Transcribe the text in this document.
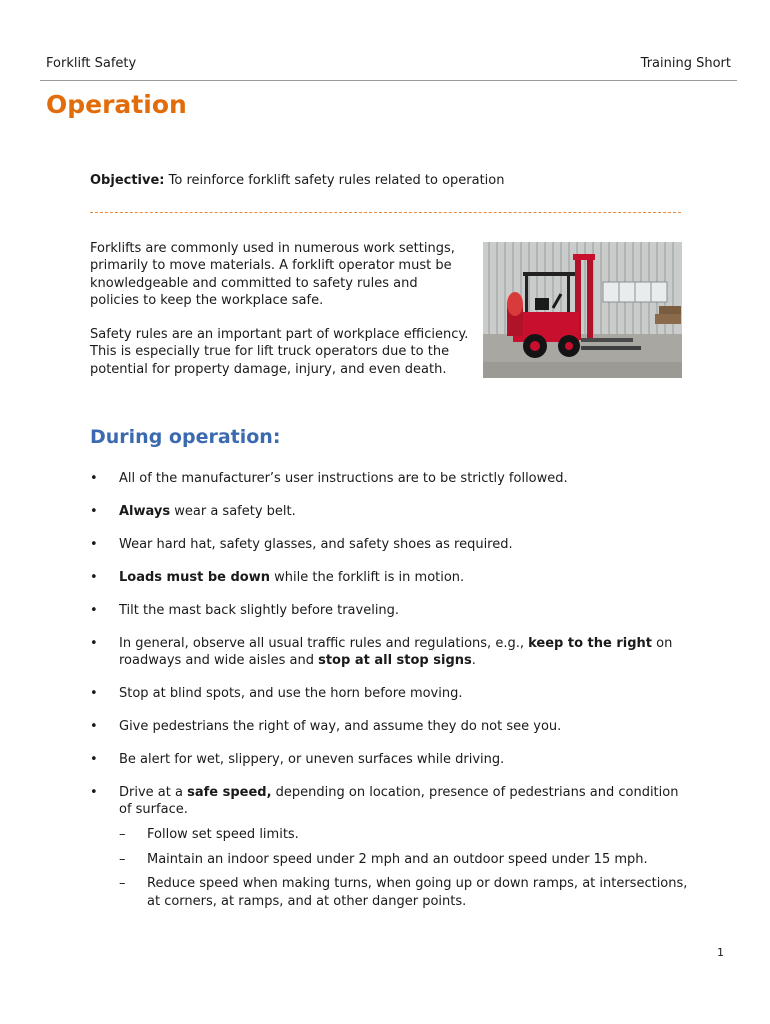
Forklift Safety	Training Short
Operation
Objective: To reinforce forklift safety rules related to operation

Forklifts are commonly used in numerous work settings, primarily to move materials. A forklift operator must be knowledgeable and committed to safety rules and policies to keep the workplace safe.

Safety rules are an important part of workplace efficiency. This is especially true for lift truck operators due to the potential for property damage, injury, and even death.

During operation:
• All of the manufacturer’s user instructions are to be strictly followed.
• Always wear a safety belt.
• Wear hard hat, safety glasses, and safety shoes as required.
• Loads must be down while the forklift is in motion.
• Tilt the mast back slightly before traveling.
• In general, observe all usual traffic rules and regulations, e.g., keep to the right on roadways and wide aisles and stop at all stop signs.
• Stop at blind spots, and use the horn before moving.
• Give pedestrians the right of way, and assume they do not see you.
• Be alert for wet, slippery, or uneven surfaces while driving.
• Drive at a safe speed, depending on location, presence of pedestrians and condition of surface.
– Follow set speed limits.
– Maintain an indoor speed under 2 mph and an outdoor speed under 15 mph.
– Reduce speed when making turns, when going up or down ramps, at intersections, at corners, at ramps, and at other danger points.
1
